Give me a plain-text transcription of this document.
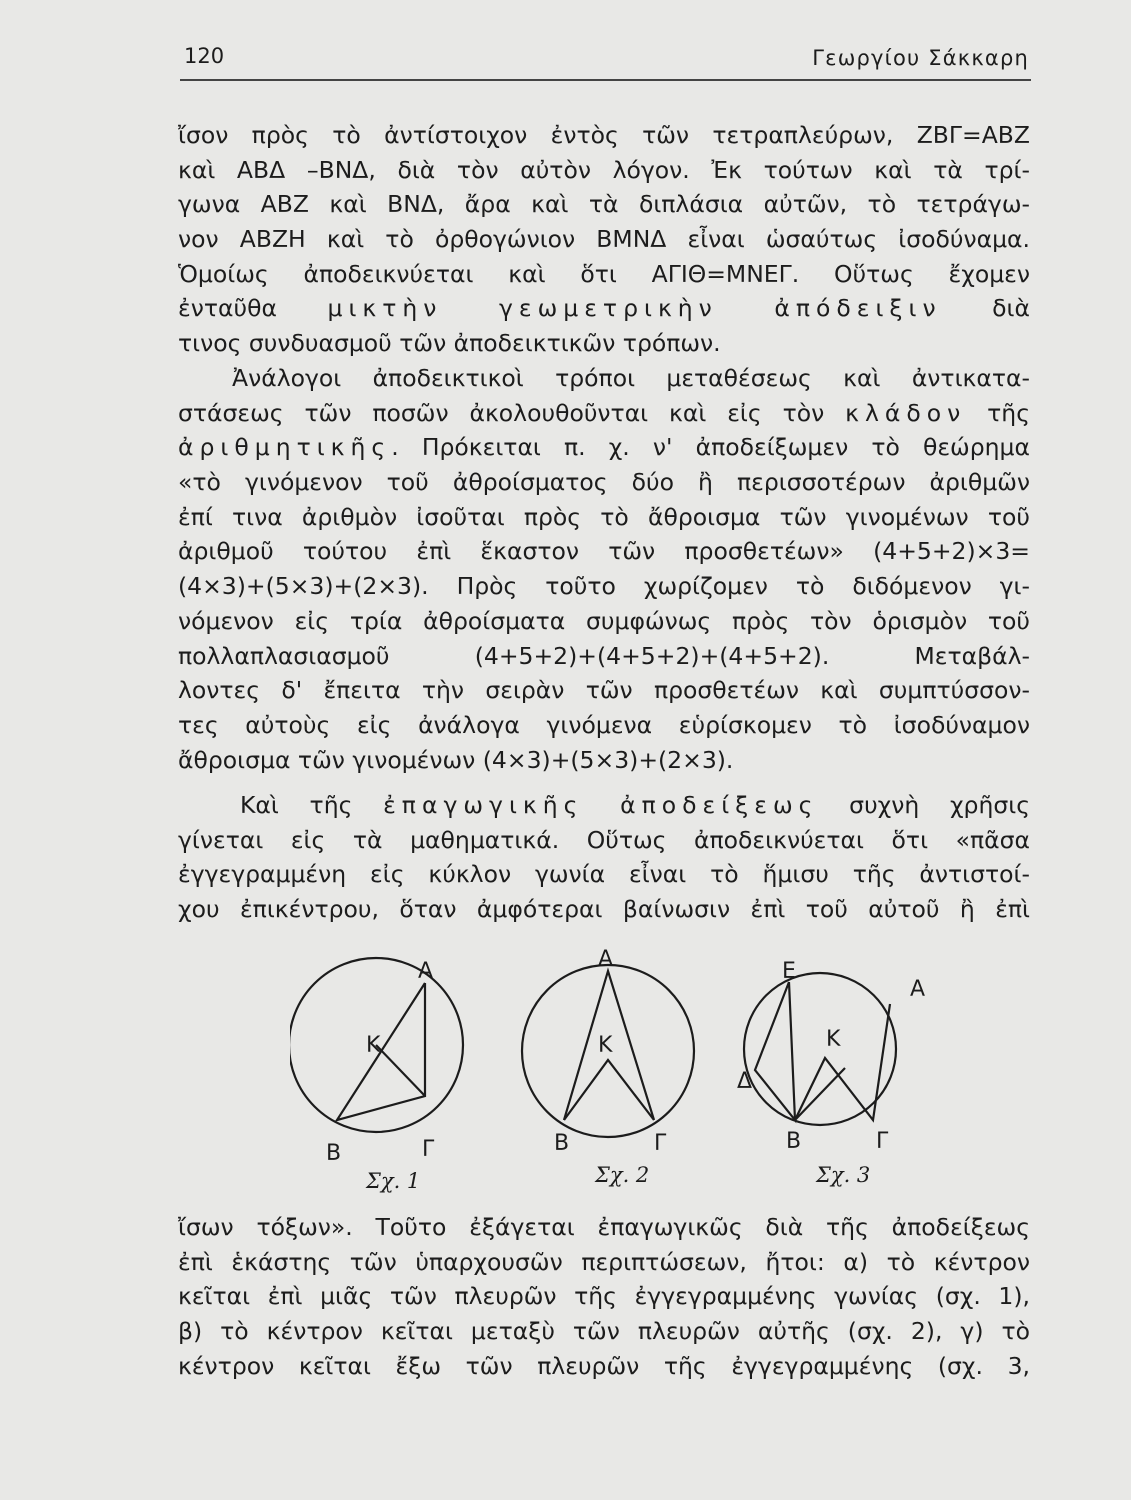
120	Γεωργίου Σάκκαρη
ἴσον πρὸς τὸ ἀντίστοιχον ἐντὸς τῶν τετραπλεύρων, ΖΒΓ=ΑΒΖ
καὶ ΑΒΔ –ΒΝΔ, διὰ τὸν αὐτὸν λόγον. Ἐκ τούτων καὶ τὰ τρί-
γωνα ΑΒΖ καὶ ΒΝΔ, ἄρα καὶ τὰ διπλάσια αὐτῶν, τὸ τετράγω-
νον ΑΒΖΗ καὶ τὸ ὀρθογώνιον ΒΜΝΔ εἶναι ὡσαύτως ἰσοδύναμα.
Ὁμοίως ἀποδεικνύεται καὶ ὅτι ΑΓΙΘ=ΜΝΕΓ. Οὕτως ἔχομεν
ἐνταῦθα μικτὴν γεωμετρικὴν ἀπόδειξιν διὰ
τινος συνδυασμοῦ τῶν ἀποδεικτικῶν τρόπων.
Ἀνάλογοι ἀποδεικτικοὶ τρόποι μεταθέσεως καὶ ἀντικατα-
στάσεως τῶν ποσῶν ἀκολουθοῦνται καὶ εἰς τὸν κλάδον τῆς
ἀριθμητικῆς. Πρόκειται π. χ. ν' ἀποδείξωμεν τὸ θεώρημα
«τὸ γινόμενον τοῦ ἀθροίσματος δύο ἢ περισσοτέρων ἀριθμῶν
ἐπί τινα ἀριθμὸν ἰσοῦται πρὸς τὸ ἄθροισμα τῶν γινομένων τοῦ
ἀριθμοῦ τούτου ἐπὶ ἕκαστον τῶν προσθετέων» (4+5+2)×3=
(4×3)+(5×3)+(2×3). Πρὸς τοῦτο χωρίζομεν τὸ διδόμενον γι-
νόμενον εἰς τρία ἀθροίσματα συμφώνως πρὸς τὸν ὁρισμὸν τοῦ
πολλαπλασιασμοῦ (4+5+2)+(4+5+2)+(4+5+2). Μεταβάλ-
λοντες δ' ἔπειτα τὴν σειρὰν τῶν προσθετέων καὶ συμπτύσσον-
τες αὐτοὺς εἰς ἀνάλογα γινόμενα εὑρίσκομεν τὸ ἰσοδύναμον
ἄθροισμα τῶν γινομένων (4×3)+(5×3)+(2×3).
Καὶ τῆς ἐπαγωγικῆς ἀποδείξεως συχνὴ χρῆσις
γίνεται εἰς τὰ μαθηματικά. Οὕτως ἀποδεικνύεται ὅτι «πᾶσα
ἐγγεγραμμένη εἰς κύκλον γωνία εἶναι τὸ ἥμισυ τῆς ἀντιστοί-
χου ἐπικέντρου, ὅταν ἀμφότεραι βαίνωσιν ἐπὶ τοῦ αὐτοῦ ἢ ἐπὶ
Α
Κ
Β	Γ
Α
Κ
Β	Γ
Ε
Α
Κ
Δ
Β	Γ
Σχ. 1	Σχ. 2	Σχ. 3
ἴσων τόξων». Τοῦτο ἐξάγεται ἐπαγωγικῶς διὰ τῆς ἀποδείξεως
ἐπὶ ἑκάστης τῶν ὑπαρχουσῶν περιπτώσεων, ἤτοι: α) τὸ κέντρον
κεῖται ἐπὶ μιᾶς τῶν πλευρῶν τῆς ἐγγεγραμμένης γωνίας (σχ. 1),
β) τὸ κέντρον κεῖται μεταξὺ τῶν πλευρῶν αὐτῆς (σχ. 2), γ) τὸ
κέντρον κεῖται ἔξω τῶν πλευρῶν τῆς ἐγγεγραμμένης (σχ. 3,
